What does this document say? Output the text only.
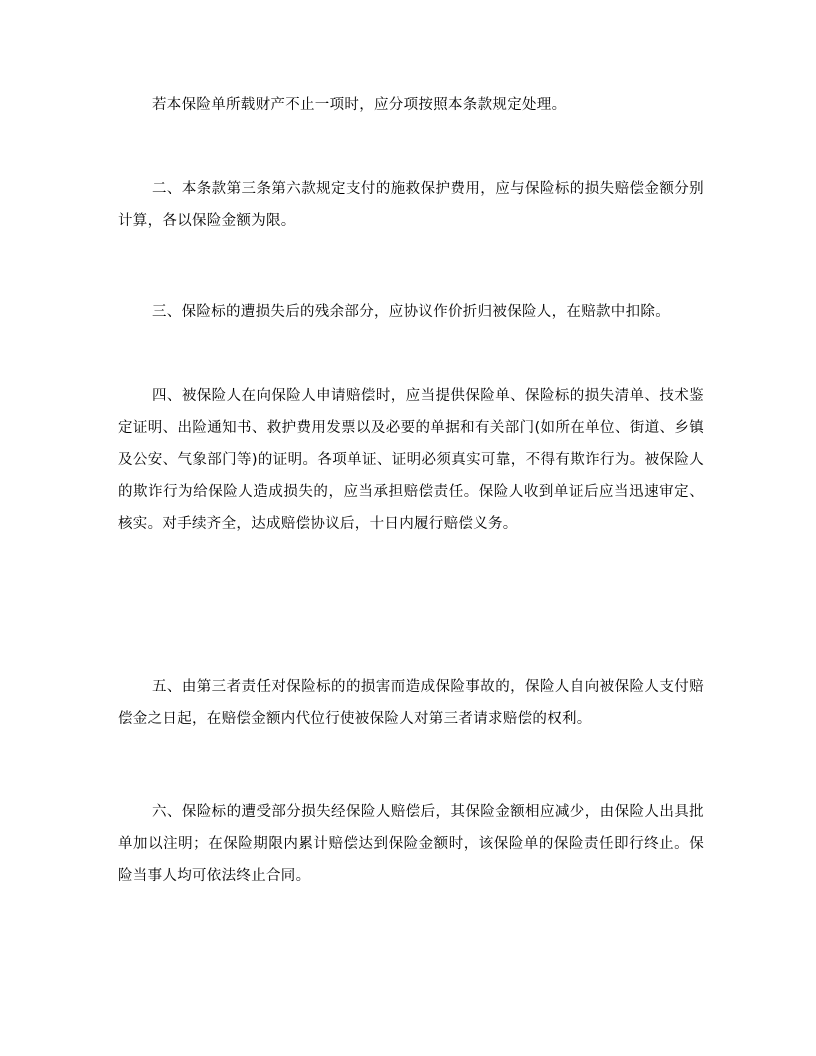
若本保险单所载财产不止一项时，应分项按照本条款规定处理。

二、本条款第三条第六款规定支付的施救保护费用，应与保险标的损失赔偿金额分别计算，各以保险金额为限。

三、保险标的遭损失后的残余部分，应协议作价折归被保险人，在赔款中扣除。

四、被保险人在向保险人申请赔偿时，应当提供保险单、保险标的损失清单、技术鉴定证明、出险通知书、救护费用发票以及必要的单据和有关部门(如所在单位、街道、乡镇及公安、气象部门等)的证明。各项单证、证明必须真实可靠，不得有欺诈行为。被保险人的欺诈行为给保险人造成损失的，应当承担赔偿责任。保险人收到单证后应当迅速审定、核实。对手续齐全，达成赔偿协议后，十日内履行赔偿义务。

五、由第三者责任对保险标的的损害而造成保险事故的，保险人自向被保险人支付赔偿金之日起，在赔偿金额内代位行使被保险人对第三者请求赔偿的权利。

六、保险标的遭受部分损失经保险人赔偿后，其保险金额相应减少，由保险人出具批单加以注明；在保险期限内累计赔偿达到保险金额时，该保险单的保险责任即行终止。保险当事人均可依法终止合同。
